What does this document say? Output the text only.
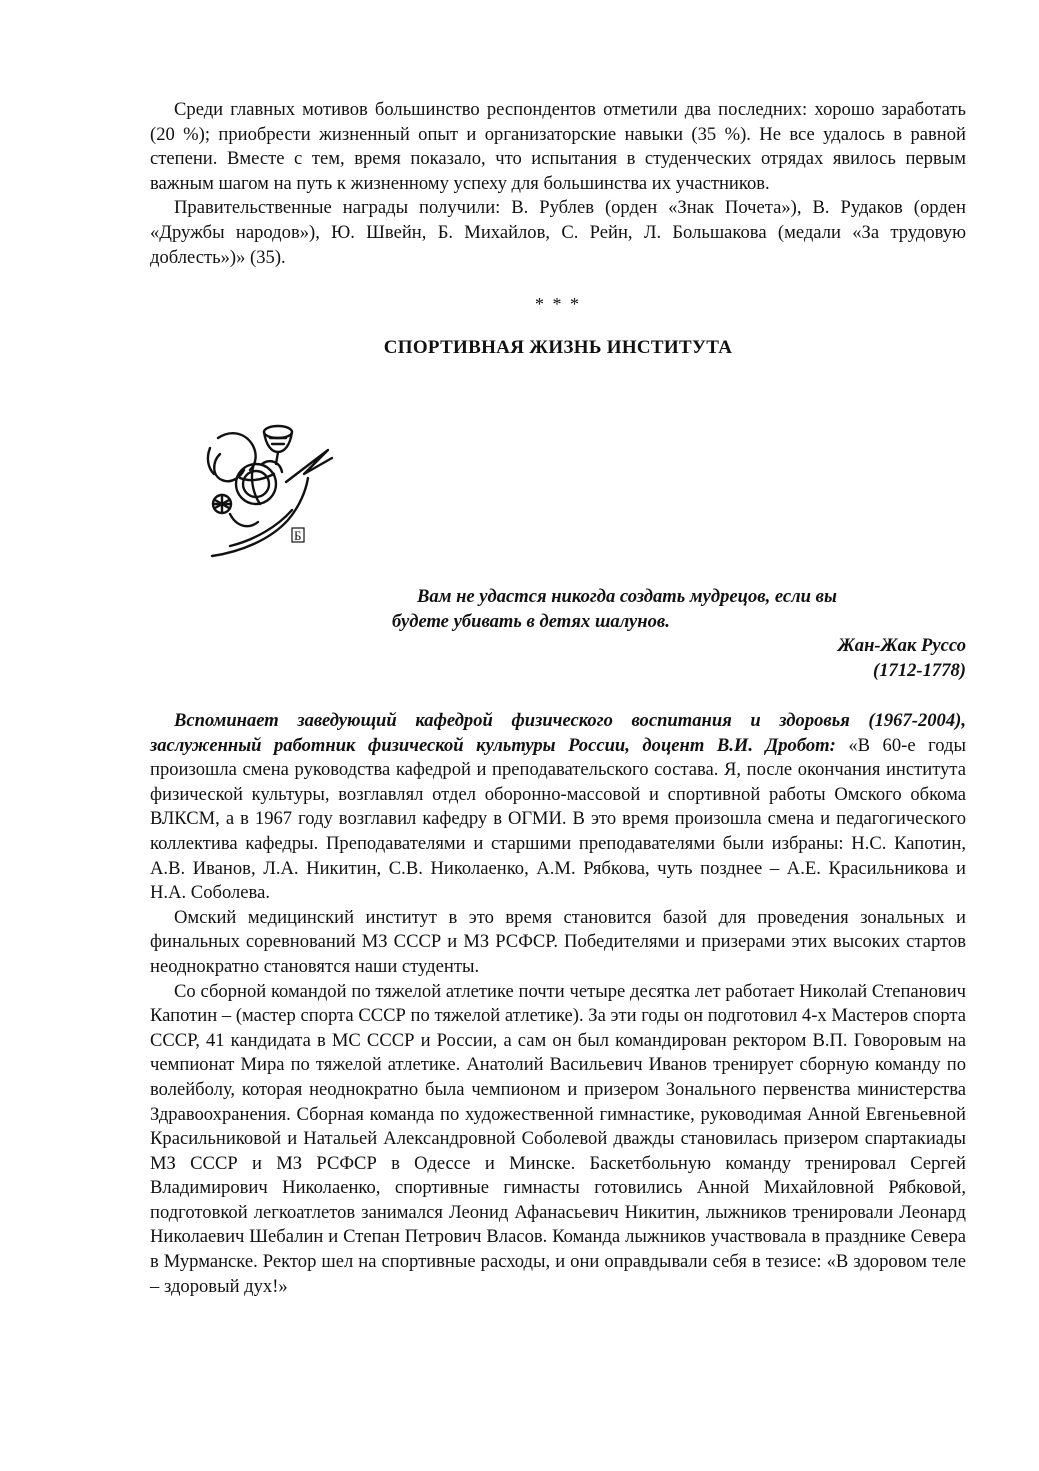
Среди главных мотивов большинство респондентов отметили два последних: хорошо заработать (20 %); приобрести жизненный опыт и организаторские навыки (35 %). Не все удалось в равной степени. Вместе с тем, время показало, что испытания в студенческих отрядах явилось первым важным шагом на путь к жизненному успеху для большинства их участников.

Правительственные награды получили: В. Рублев (орден «Знак Почета»), В. Рудаков (орден «Дружбы народов»), Ю. Швейн, Б. Михайлов, С. Рейн, Л. Большакова (медали «За трудовую доблесть»)» (35).

* * *
СПОРТИВНАЯ ЖИЗНЬ ИНСТИТУТА
Б
Вам не удастся никогда создать мудрецов, если вы
будете убивать в детях шалунов.
Жан-Жак Руссо
(1712-1778)

Вспоминает заведующий кафедрой физического воспитания и здоровья (1967-2004), заслуженный работник физической культуры России, доцент В.И. Дробот: «В 60-е годы произошла смена руководства кафедрой и преподавательского состава. Я, после окончания института физической культуры, возглавлял отдел оборонно-массовой и спортивной работы Омского обкома ВЛКСМ, а в 1967 году возглавил кафедру в ОГМИ. В это время произошла смена и педагогического коллектива кафедры. Преподавателями и старшими преподавателями были избраны: Н.С. Капотин, А.В. Иванов, Л.А. Никитин, С.В. Николаенко, А.М. Рябкова, чуть позднее – А.Е. Красильникова и Н.А. Соболева.

Омский медицинский институт в это время становится базой для проведения зональных и финальных соревнований МЗ СССР и МЗ РСФСР. Победителями и призерами этих высоких стартов неоднократно становятся наши студенты.

Со сборной командой по тяжелой атлетике почти четыре десятка лет работает Николай Степанович Капотин – (мастер спорта СССР по тяжелой атлетике). За эти годы он подготовил 4-х Мастеров спорта СССР, 41 кандидата в МС СССР и России, а сам он был командирован ректором В.П. Говоровым на чемпионат Мира по тяжелой атлетике. Анатолий Васильевич Иванов тренирует сборную команду по волейболу, которая неоднократно была чемпионом и призером Зонального первенства министерства Здравоохранения. Сборная команда по художественной гимнастике, руководимая Анной Евгеньевной Красильниковой и Натальей Александровной Соболевой дважды становилась призером спартакиады МЗ СССР и МЗ РСФСР в Одессе и Минске. Баскетбольную команду тренировал Сергей Владимирович Николаенко, спортивные гимнасты готовились Анной Михайловной Рябковой, подготовкой легкоатлетов занимался Леонид Афанасьевич Никитин, лыжников тренировали Леонард Николаевич Шебалин и Степан Петрович Власов. Команда лыжников участвовала в празднике Севера в Мурманске. Ректор шел на спортивные расходы, и они оправдывали себя в тезисе: «В здоровом теле – здоровый дух!»
